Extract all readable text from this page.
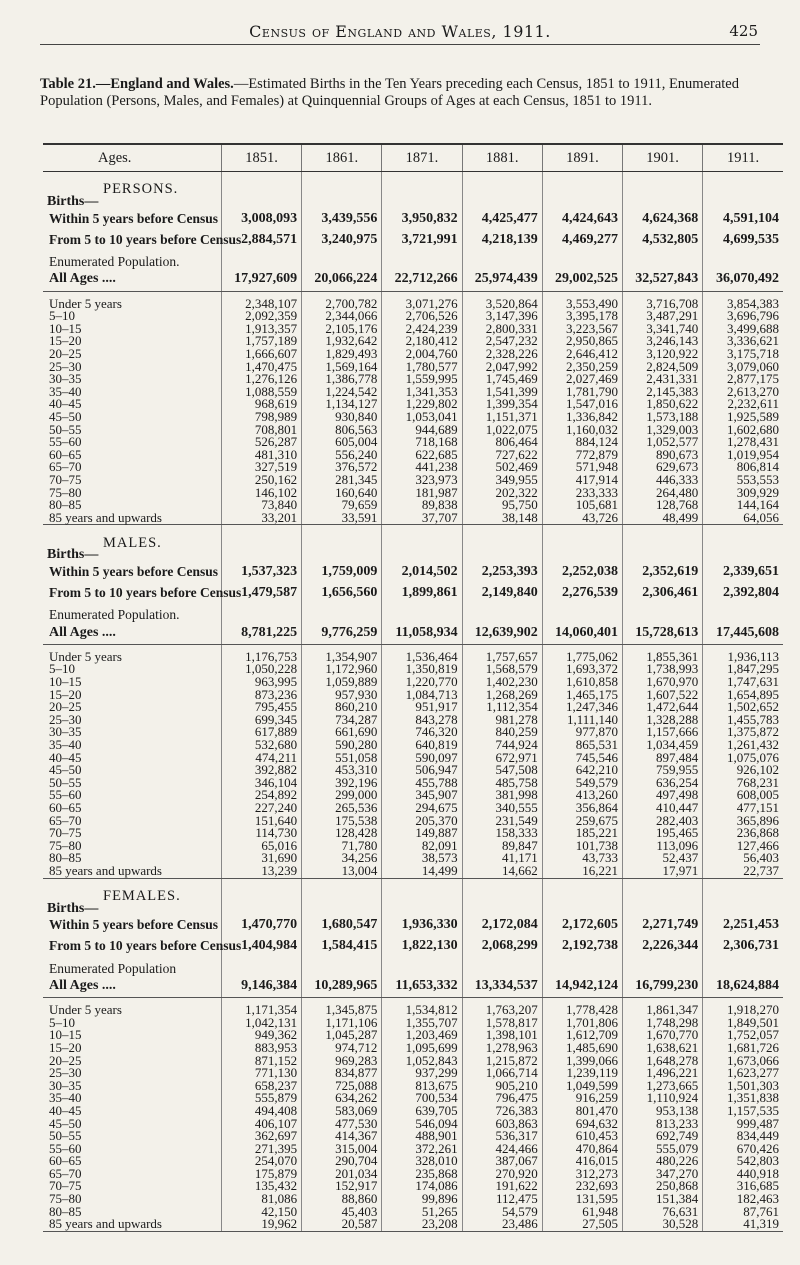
Census of England and Wales, 1911.	425
Table 21.—England and Wales.—Estimated Births in the Ten Years preceding each Census, 1851 to 1911, Enumerated Population (Persons, Males, and Females) at Quinquennial Groups of Ages at each Census, 1851 to 1911.
Ages.	1851.	1861.	1871.	1881.	1891.	1901.	1911.
PERSONS.							
Births—							
Within 5 years before Census	3,008,093	3,439,556	3,950,832	4,425,477	4,424,643	4,624,368	4,591,104
From 5 to 10 years before Census	2,884,571	3,240,975	3,721,991	4,218,139	4,469,277	4,532,805	4,699,535
Enumerated Population.							
All Ages ....	17,927,609	20,066,224	22,712,266	25,974,439	29,002,525	32,527,843	36,070,492

Under 5 years	2,348,107	2,700,782	3,071,276	3,520,864	3,553,490	3,716,708	3,854,383
5–10	2,092,359	2,344,066	2,706,526	3,147,396	3,395,178	3,487,291	3,696,796
10–15	1,913,357	2,105,176	2,424,239	2,800,331	3,223,567	3,341,740	3,499,688
15–20	1,757,189	1,932,642	2,180,412	2,547,232	2,950,865	3,246,143	3,336,621
20–25	1,666,607	1,829,493	2,004,760	2,328,226	2,646,412	3,120,922	3,175,718
25–30	1,470,475	1,569,164	1,780,577	2,047,992	2,350,259	2,824,509	3,079,060
30–35	1,276,126	1,386,778	1,559,995	1,745,469	2,027,469	2,431,331	2,877,175
35–40	1,088,559	1,224,542	1,341,353	1,541,399	1,781,790	2,145,383	2,613,270
40–45	968,619	1,134,127	1,229,802	1,399,354	1,547,016	1,850,622	2,232,611
45–50	798,989	930,840	1,053,041	1,151,371	1,336,842	1,573,188	1,925,589
50–55	708,801	806,563	944,689	1,022,075	1,160,032	1,329,003	1,602,680
55–60	526,287	605,004	718,168	806,464	884,124	1,052,577	1,278,431
60–65	481,310	556,240	622,685	727,622	772,879	890,673	1,019,954
65–70	327,519	376,572	441,238	502,469	571,948	629,673	806,814
70–75	250,162	281,345	323,973	349,955	417,914	446,333	553,553
75–80	146,102	160,640	181,987	202,322	233,333	264,480	309,929
80–85	73,840	79,659	89,838	95,750	105,681	128,768	144,164
85 years and upwards	33,201	33,591	37,707	38,148	43,726	48,499	64,056
MALES.							
Births—							
Within 5 years before Census	1,537,323	1,759,009	2,014,502	2,253,393	2,252,038	2,352,619	2,339,651
From 5 to 10 years before Census	1,479,587	1,656,560	1,899,861	2,149,840	2,276,539	2,306,461	2,392,804
Enumerated Population.							
All Ages ....	8,781,225	9,776,259	11,058,934	12,639,902	14,060,401	15,728,613	17,445,608

Under 5 years	1,176,753	1,354,907	1,536,464	1,757,657	1,775,062	1,855,361	1,936,113
5–10	1,050,228	1,172,960	1,350,819	1,568,579	1,693,372	1,738,993	1,847,295
10–15	963,995	1,059,889	1,220,770	1,402,230	1,610,858	1,670,970	1,747,631
15–20	873,236	957,930	1,084,713	1,268,269	1,465,175	1,607,522	1,654,895
20–25	795,455	860,210	951,917	1,112,354	1,247,346	1,472,644	1,502,652
25–30	699,345	734,287	843,278	981,278	1,111,140	1,328,288	1,455,783
30–35	617,889	661,690	746,320	840,259	977,870	1,157,666	1,375,872
35–40	532,680	590,280	640,819	744,924	865,531	1,034,459	1,261,432
40–45	474,211	551,058	590,097	672,971	745,546	897,484	1,075,076
45–50	392,882	453,310	506,947	547,508	642,210	759,955	926,102
50–55	346,104	392,196	455,788	485,758	549,579	636,254	768,231
55–60	254,892	299,000	345,907	381,998	413,260	497,498	608,005
60–65	227,240	265,536	294,675	340,555	356,864	410,447	477,151
65–70	151,640	175,538	205,370	231,549	259,675	282,403	365,896
70–75	114,730	128,428	149,887	158,333	185,221	195,465	236,868
75–80	65,016	71,780	82,091	89,847	101,738	113,096	127,466
80–85	31,690	34,256	38,573	41,171	43,733	52,437	56,403
85 years and upwards	13,239	13,004	14,499	14,662	16,221	17,971	22,737
FEMALES.							
Births—							
Within 5 years before Census	1,470,770	1,680,547	1,936,330	2,172,084	2,172,605	2,271,749	2,251,453
From 5 to 10 years before Census	1,404,984	1,584,415	1,822,130	2,068,299	2,192,738	2,226,344	2,306,731
Enumerated Population							
All Ages ....	9,146,384	10,289,965	11,653,332	13,334,537	14,942,124	16,799,230	18,624,884

Under 5 years	1,171,354	1,345,875	1,534,812	1,763,207	1,778,428	1,861,347	1,918,270
5–10	1,042,131	1,171,106	1,355,707	1,578,817	1,701,806	1,748,298	1,849,501
10–15	949,362	1,045,287	1,203,469	1,398,101	1,612,709	1,670,770	1,752,057
15–20	883,953	974,712	1,095,699	1,278,963	1,485,690	1,638,621	1,681,726
20–25	871,152	969,283	1,052,843	1,215,872	1,399,066	1,648,278	1,673,066
25–30	771,130	834,877	937,299	1,066,714	1,239,119	1,496,221	1,623,277
30–35	658,237	725,088	813,675	905,210	1,049,599	1,273,665	1,501,303
35–40	555,879	634,262	700,534	796,475	916,259	1,110,924	1,351,838
40–45	494,408	583,069	639,705	726,383	801,470	953,138	1,157,535
45–50	406,107	477,530	546,094	603,863	694,632	813,233	999,487
50–55	362,697	414,367	488,901	536,317	610,453	692,749	834,449
55–60	271,395	315,004	372,261	424,466	470,864	555,079	670,426
60–65	254,070	290,704	328,010	387,067	416,015	480,226	542,803
65–70	175,879	201,034	235,868	270,920	312,273	347,270	440,918
70–75	135,432	152,917	174,086	191,622	232,693	250,868	316,685
75–80	81,086	88,860	99,896	112,475	131,595	151,384	182,463
80–85	42,150	45,403	51,265	54,579	61,948	76,631	87,761
85 years and upwards	19,962	20,587	23,208	23,486	27,505	30,528	41,319
